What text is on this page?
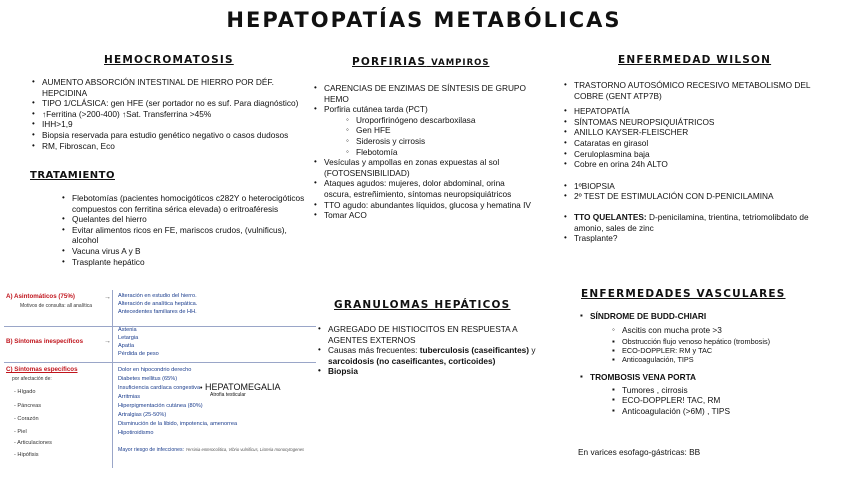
HEPATOPATÍAS METABÓLICAS
HEMOCROMATOSIS
• AUMENTO ABSORCIÓN INTESTINAL DE HIERRO POR DÉF. HEPCIDINA
• TIPO 1/CLÁSICA: gen HFE (ser portador no es suf. Para diagnóstico)
• ↑Ferritina (>200-400) ↑Sat. Transferrina >45%
• IHH>1,9
• Biopsia reservada para estudio genético negativo o casos dudosos
• RM, Fibroscan, Eco
TRATAMIENTO
• Flebotomías (pacientes homocigóticos c282Y o heterocigóticos compuestos con ferritina sérica elevada) o eritroaféresis
• Quelantes del hierro
• Evitar alimentos ricos en FE, mariscos crudos, (vulnificus), alcohol
• Vacuna virus A y B
• Trasplante hepático
A) Asintomáticos (75%)
Motivos de consulta: all analítica
→
Alteración en estudio del hierro.
Alteración de analítica hepática.
Antecedentes familiares de HH.
B) Síntomas inespecíficos
→
Astenia
Letargia
Apatía
Pérdida de peso
C) Síntomas específicos
por afectación de:
- Hígado
- Páncreas
- Corazón
- Piel
- Articulaciones
- Hipófisis
Dolor en hipocondrio derecho
Diabetes mellitus (65%)
Insuficiencia cardíaca congestiva
Arritmias
Hiperpigmentación cutánea (80%)
Artralgias (25-50%)
Disminución de la libido, impotencia, amenorrea
Hipotiroidismo
Mayor riesgo de infecciones: Yersinia enterocolitica, Vibrio vulnificus, Listeria monocytogenes
• HEPATOMEGALIA
Atrofia testicular
PORFIRIAS VAMPIROS
• CARENCIAS DE ENZIMAS DE SÍNTESIS DE GRUPO HEMO
• Porfiria cutánea tarda (PCT)
◦ Uroporfirinógeno descarboxilasa
◦ Gen HFE
◦ Siderosis y cirrosis
◦ Flebotomía
• Vesículas y ampollas en zonas expuestas al sol (FOTOSENSIBILIDAD)
• Ataques agudos: mujeres, dolor abdominal, orina oscura, estreñimiento, síntomas neuropsiquiátricos
• TTO agudo: abundantes líquidos, glucosa y hematina IV
• Tomar ACO
GRANULOMAS HEPÁTICOS
• AGREGADO DE HISTIOCITOS EN RESPUESTA A AGENTES EXTERNOS
• Causas más frecuentes: tuberculosis (caseificantes) y sarcoidosis (no caseificantes, corticoides)
• Biopsia
ENFERMEDAD WILSON
• TRASTORNO AUTOSÓMICO RECESIVO METABOLISMO DEL COBRE (GENT ATP7B)
• HEPATOPATÍA
• SÍNTOMAS NEUROPSIQUIÁTRICOS
• ANILLO KAYSER-FLEISCHER
• Cataratas en girasol
• Ceruloplasmina baja
• Cobre en orina 24h ALTO
• 1ºBIOPSIA
• 2º TEST DE ESTIMULACIÓN CON D-PENICILAMINA
• TTO QUELANTES: D-penicilamina, trientina, tetriomolibdato de amonio, sales de zinc
• Trasplante?
ENFERMEDADES VASCULARES
▪ SÍNDROME DE BUDD-CHIARI
◦ Ascitis con mucha prote >3
▪ Obstrucción flujo venoso hepático (trombosis)
▪ ECO-DOPPLER: RM y TAC
▪ Anticoagulación, TIPS
▪ TROMBOSIS VENA PORTA
▪ Tumores , cirrosis
▪ ECO-DOPPLER! TAC, RM
▪ Anticoagulación (>6M) , TIPS
En varices esofago-gástricas: BB
